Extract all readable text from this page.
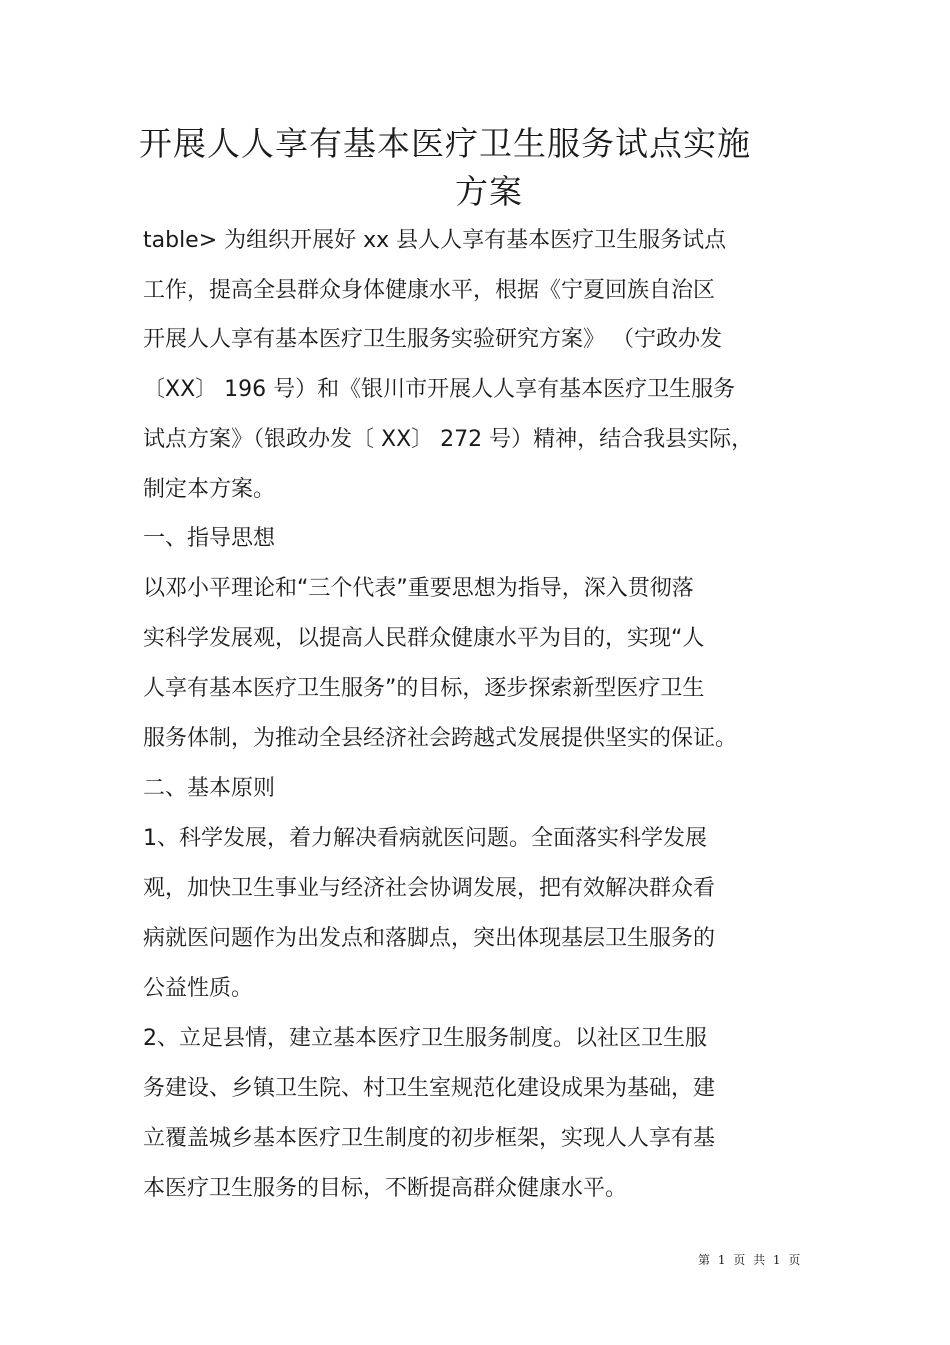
开展人人享有基本医疗卫生服务试点实施
方案
table> 为组织开展好 xx 县人人享有基本医疗卫生服务试点
工作，提高全县群众身体健康水平，根据《宁夏回族自治区
开展人人享有基本医疗卫生服务实验研究方案》 （宁政办发
〔XX〕 196 号）和《银川市开展人人享有基本医疗卫生服务
试点方案》（银政办发〔 XX〕 272 号）精神，结合我县实际，
制定本方案。
一、指导思想
以邓小平理论和“三个代表”重要思想为指导，深入贯彻落
实科学发展观，以提高人民群众健康水平为目的，实现“人
人享有基本医疗卫生服务”的目标，逐步探索新型医疗卫生
服务体制，为推动全县经济社会跨越式发展提供坚实的保证。
二、基本原则
1、科学发展，着力解决看病就医问题。全面落实科学发展
观，加快卫生事业与经济社会协调发展，把有效解决群众看
病就医问题作为出发点和落脚点，突出体现基层卫生服务的
公益性质。
2、立足县情，建立基本医疗卫生服务制度。以社区卫生服
务建设、乡镇卫生院、村卫生室规范化建设成果为基础，建
立覆盖城乡基本医疗卫生制度的初步框架，实现人人享有基
本医疗卫生服务的目标，不断提高群众健康水平。
第 1 页 共 1 页
